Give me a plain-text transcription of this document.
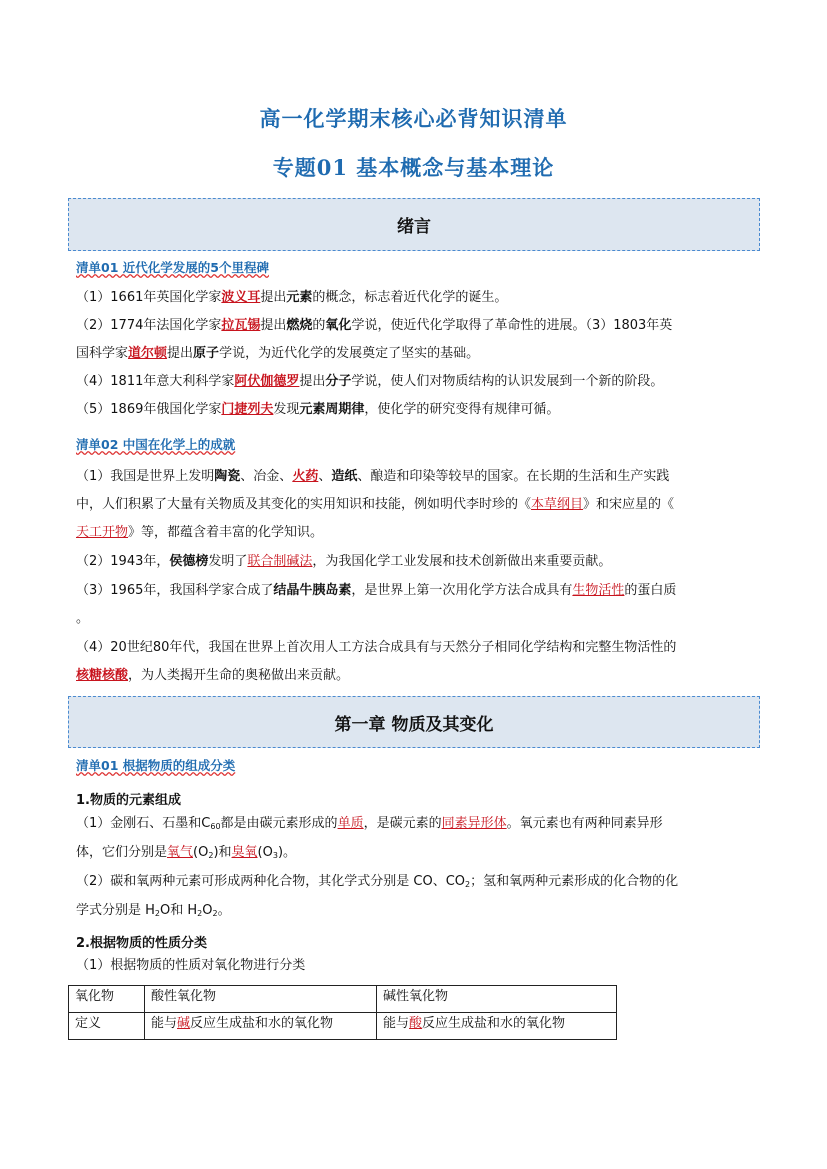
高一化学期末核心必背知识清单
专题01 基本概念与基本理论
绪言
清单01 近代化学发展的5个里程碑
（1）1661年英国化学家波义耳提出元素的概念，标志着近代化学的诞生。
（2）1774年法国化学家拉瓦锡提出燃烧的氧化学说，使近代化学取得了革命性的进展。（3）1803年英
国科学家道尔顿提出原子学说，为近代化学的发展奠定了坚实的基础。
（4）1811年意大利科学家阿伏伽德罗提出分子学说，使人们对物质结构的认识发展到一个新的阶段。
（5）1869年俄国化学家门捷列夫发现元素周期律，使化学的研究变得有规律可循。
清单02 中国在化学上的成就
（1）我国是世界上发明陶瓷、冶金、火药、造纸、酿造和印染等较早的国家。在长期的生活和生产实践
中，人们积累了大量有关物质及其变化的实用知识和技能，例如明代李时珍的《本草纲目》和宋应星的《
天工开物》等，都蕴含着丰富的化学知识。
（2）1943年，侯德榜发明了联合制碱法，为我国化学工业发展和技术创新做出来重要贡献。
（3）1965年，我国科学家合成了结晶牛胰岛素，是世界上第一次用化学方法合成具有生物活性的蛋白质
。
（4）20世纪80年代，我国在世界上首次用人工方法合成具有与天然分子相同化学结构和完整生物活性的
核糖核酸，为人类揭开生命的奥秘做出来贡献。
第一章 物质及其变化
清单01 根据物质的组成分类
1.物质的元素组成
（1）金刚石、石墨和$C_{60}$都是由碳元素形成的单质，是碳元素的同素异形体。氧元素也有两种同素异形
体，它们分别是氧气$(O_2)$和臭氧$(O_3)$。
（2）碳和氧两种元素可形成两种化合物，其化学式分别是 CO、$CO_2$；氢和氧两种元素形成的化合物的化
学式分别是 $H_2O$和 $H_2O_2$。
2.根据物质的性质分类
（1）根据物质的性质对氧化物进行分类
氧化物	酸性氧化物	碱性氧化物
定义	能与碱反应生成盐和水的氧化物	能与酸反应生成盐和水的氧化物
